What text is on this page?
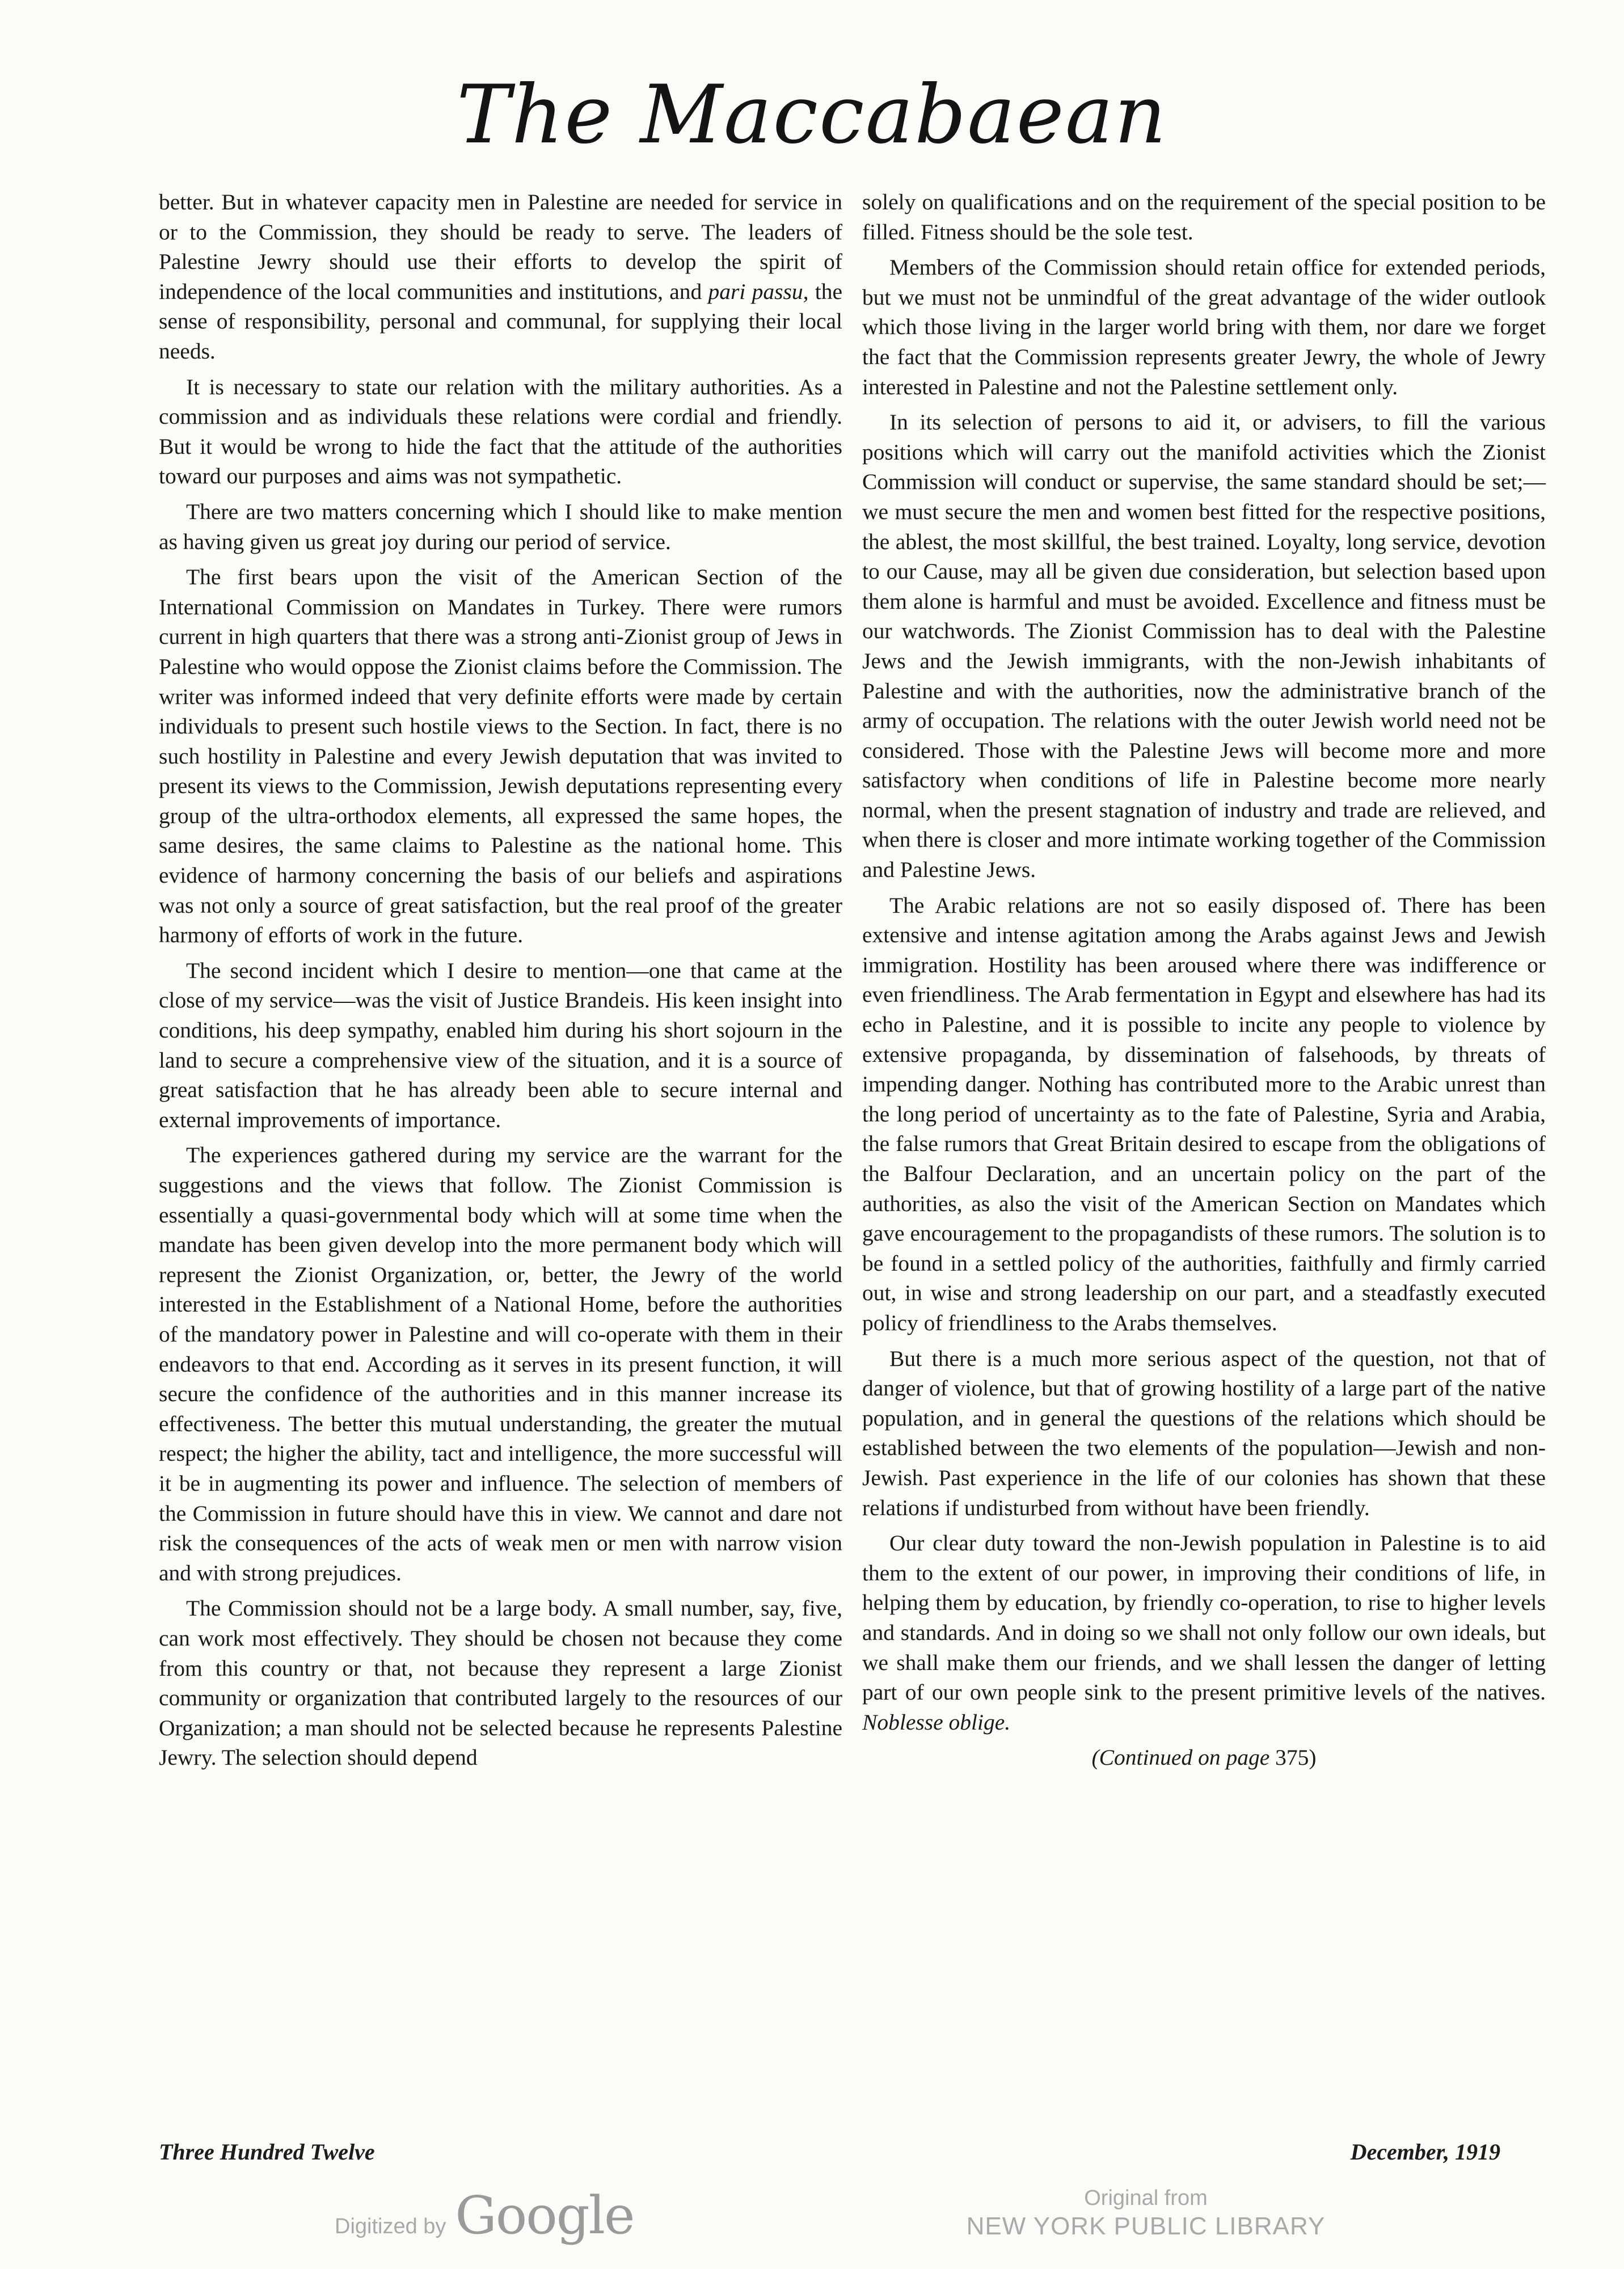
The Maccabaean

better. But in whatever capacity men in Palestine are needed for service in or to the Commission, they should be ready to serve. The leaders of Palestine Jewry should use their efforts to develop the spirit of independence of the local communities and institutions, and pari passu, the sense of responsibility, personal and communal, for supplying their local needs.

It is necessary to state our relation with the military authorities. As a commission and as individuals these relations were cordial and friendly. But it would be wrong to hide the fact that the attitude of the authorities toward our purposes and aims was not sympathetic.

There are two matters concerning which I should like to make mention as having given us great joy during our period of service.

The first bears upon the visit of the American Section of the International Commission on Mandates in Turkey. There were rumors current in high quarters that there was a strong anti-Zionist group of Jews in Palestine who would oppose the Zionist claims before the Commission. The writer was informed indeed that very definite efforts were made by certain individuals to present such hostile views to the Section. In fact, there is no such hostility in Palestine and every Jewish deputation that was invited to present its views to the Commission, Jewish deputations representing every group of the ultra-orthodox elements, all expressed the same hopes, the same desires, the same claims to Palestine as the national home. This evidence of harmony concerning the basis of our beliefs and aspirations was not only a source of great satisfaction, but the real proof of the greater harmony of efforts of work in the future.

The second incident which I desire to mention—one that came at the close of my service—was the visit of Justice Brandeis. His keen insight into conditions, his deep sympathy, enabled him during his short sojourn in the land to secure a comprehensive view of the situation, and it is a source of great satisfaction that he has already been able to secure internal and external improvements of importance.

The experiences gathered during my service are the warrant for the suggestions and the views that follow. The Zionist Commission is essentially a quasi-governmental body which will at some time when the mandate has been given develop into the more permanent body which will represent the Zionist Organization, or, better, the Jewry of the world interested in the Establishment of a National Home, before the authorities of the mandatory power in Palestine and will co-operate with them in their endeavors to that end. According as it serves in its present function, it will secure the confidence of the authorities and in this manner increase its effectiveness. The better this mutual understanding, the greater the mutual respect; the higher the ability, tact and intelligence, the more successful will it be in augmenting its power and influence. The selection of members of the Commission in future should have this in view. We cannot and dare not risk the consequences of the acts of weak men or men with narrow vision and with strong prejudices.

The Commission should not be a large body. A small number, say, five, can work most effectively. They should be chosen not because they come from this country or that, not because they represent a large Zionist community or organization that contributed largely to the resources of our Organization; a man should not be selected because he represents Palestine Jewry. The selection should depend

solely on qualifications and on the requirement of the special position to be filled. Fitness should be the sole test.

Members of the Commission should retain office for extended periods, but we must not be unmindful of the great advantage of the wider outlook which those living in the larger world bring with them, nor dare we forget the fact that the Commission represents greater Jewry, the whole of Jewry interested in Palestine and not the Palestine settlement only.

In its selection of persons to aid it, or advisers, to fill the various positions which will carry out the manifold activities which the Zionist Commission will conduct or supervise, the same standard should be set;—we must secure the men and women best fitted for the respective positions, the ablest, the most skillful, the best trained. Loyalty, long service, devotion to our Cause, may all be given due consideration, but selection based upon them alone is harmful and must be avoided. Excellence and fitness must be our watchwords. The Zionist Commission has to deal with the Palestine Jews and the Jewish immigrants, with the non-Jewish inhabitants of Palestine and with the authorities, now the administrative branch of the army of occupation. The relations with the outer Jewish world need not be considered. Those with the Palestine Jews will become more and more satisfactory when conditions of life in Palestine become more nearly normal, when the present stagnation of industry and trade are relieved, and when there is closer and more intimate working together of the Commission and Palestine Jews.

The Arabic relations are not so easily disposed of. There has been extensive and intense agitation among the Arabs against Jews and Jewish immigration. Hostility has been aroused where there was indifference or even friendliness. The Arab fermentation in Egypt and elsewhere has had its echo in Palestine, and it is possible to incite any people to violence by extensive propaganda, by dissemination of falsehoods, by threats of impending danger. Nothing has contributed more to the Arabic unrest than the long period of uncertainty as to the fate of Palestine, Syria and Arabia, the false rumors that Great Britain desired to escape from the obligations of the Balfour Declaration, and an uncertain policy on the part of the authorities, as also the visit of the American Section on Mandates which gave encouragement to the propagandists of these rumors. The solution is to be found in a settled policy of the authorities, faithfully and firmly carried out, in wise and strong leadership on our part, and a steadfastly executed policy of friendliness to the Arabs themselves.

But there is a much more serious aspect of the question, not that of danger of violence, but that of growing hostility of a large part of the native population, and in general the questions of the relations which should be established between the two elements of the population—Jewish and non-Jewish. Past experience in the life of our colonies has shown that these relations if undisturbed from without have been friendly.

Our clear duty toward the non-Jewish population in Palestine is to aid them to the extent of our power, in improving their conditions of life, in helping them by education, by friendly co-operation, to rise to higher levels and standards. And in doing so we shall not only follow our own ideals, but we shall make them our friends, and we shall lessen the danger of letting part of our own people sink to the present primitive levels of the natives. Noblesse oblige.

(Continued on page 375)

Three Hundred Twelve	December, 1919
Digitized by Google	Original from
NEW YORK PUBLIC LIBRARY
